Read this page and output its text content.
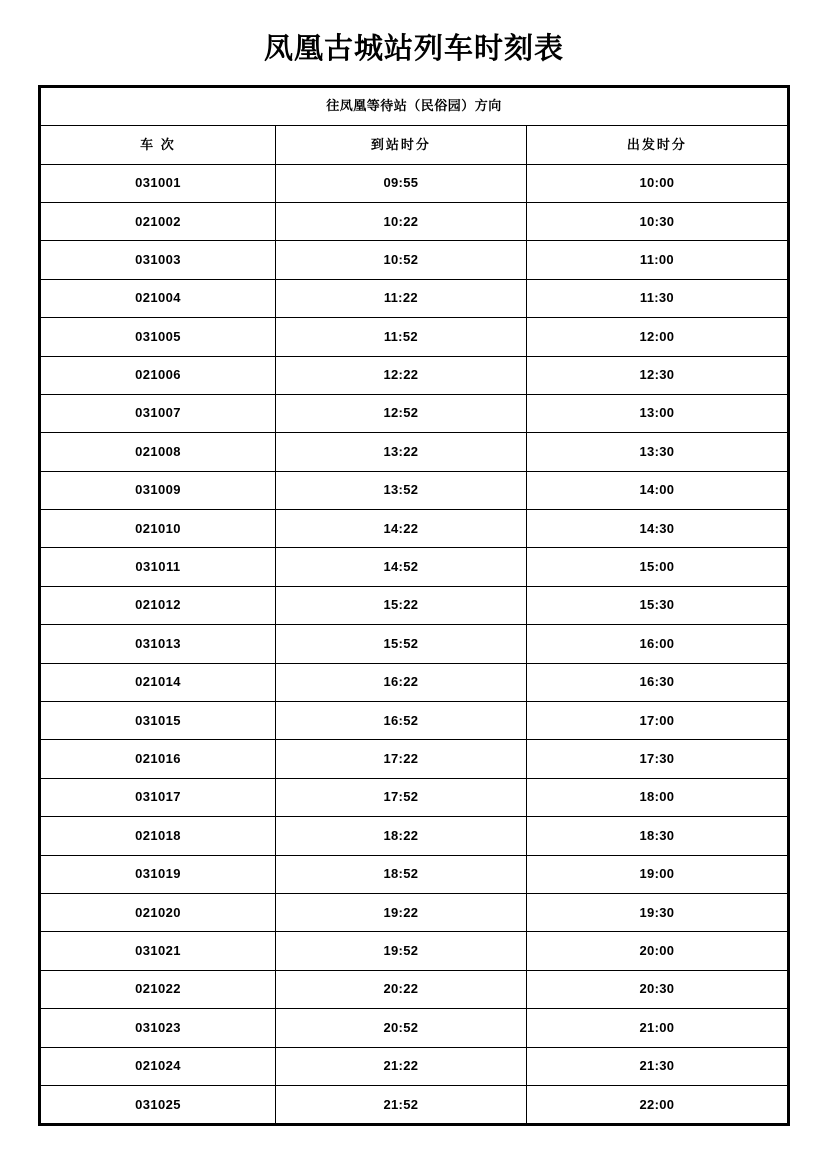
凤凰古城站列车时刻表
往凤凰等待站（民俗园）方向		
车 次	到站时分	出发时分
031001	09:55	10:00
021002	10:22	10:30
031003	10:52	11:00
021004	11:22	11:30
031005	11:52	12:00
021006	12:22	12:30
031007	12:52	13:00
021008	13:22	13:30
031009	13:52	14:00
021010	14:22	14:30
031011	14:52	15:00
021012	15:22	15:30
031013	15:52	16:00
021014	16:22	16:30
031015	16:52	17:00
021016	17:22	17:30
031017	17:52	18:00
021018	18:22	18:30
031019	18:52	19:00
021020	19:22	19:30
031021	19:52	20:00
021022	20:22	20:30
031023	20:52	21:00
021024	21:22	21:30
031025	21:52	22:00
